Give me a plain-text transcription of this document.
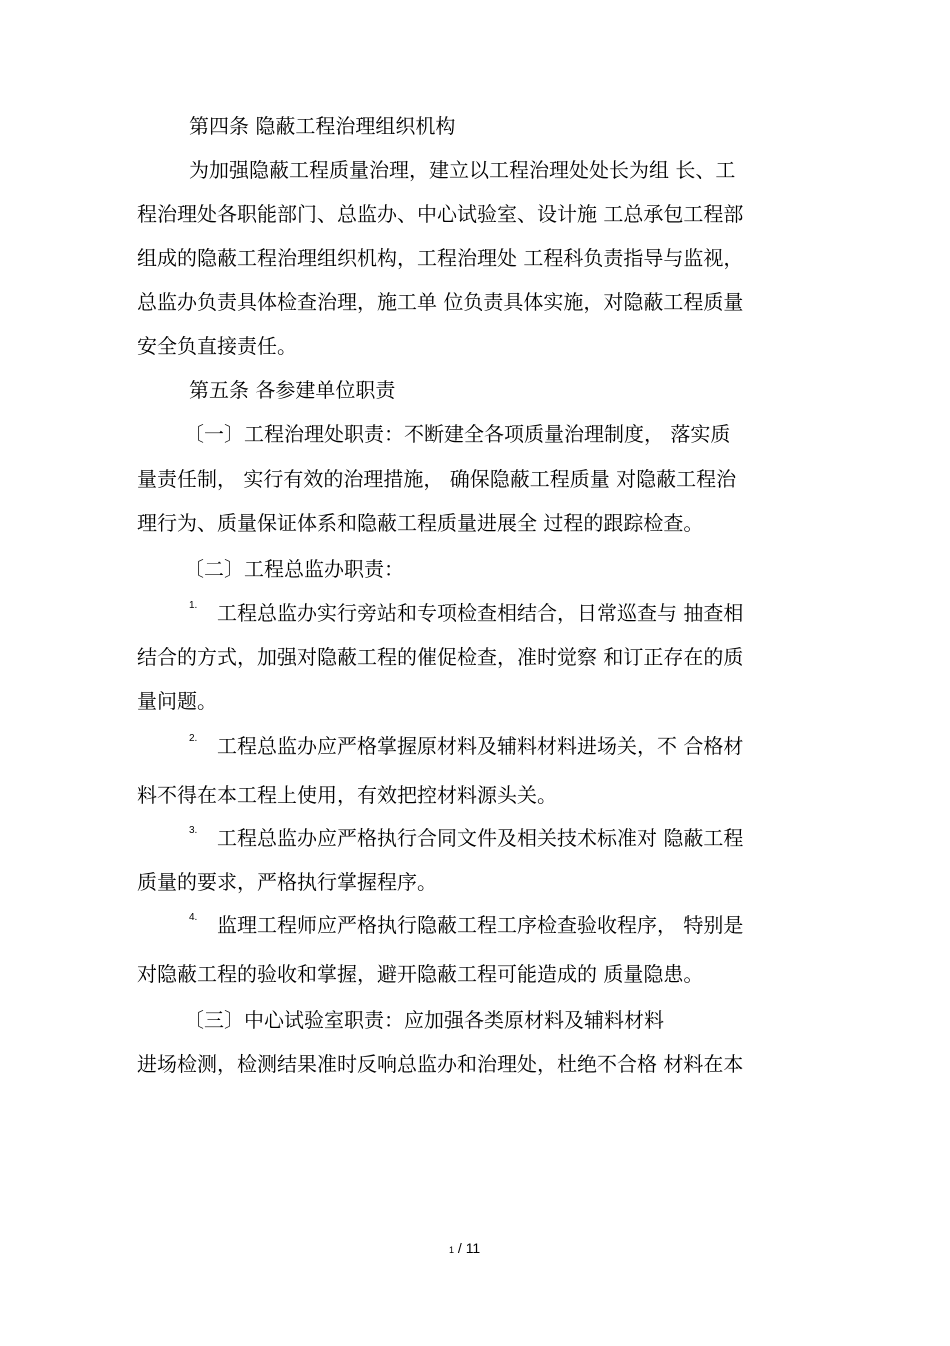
第四条 隐蔽工程治理组织机构

为加强隐蔽工程质量治理，建立以工程治理处处长为组 长、工

程治理处各职能部门、总监办、中心试验室、设计施 工总承包工程部

组成的隐蔽工程治理组织机构，工程治理处 工程科负责指导与监视，

总监办负责具体检查治理，施工单 位负责具体实施，对隐蔽工程质量

安全负直接责任。

第五条 各参建单位职责

〔一〕工程治理处职责：不断建全各项质量治理制度， 落实质

量责任制， 实行有效的治理措施， 确保隐蔽工程质量 对隐蔽工程治

理行为、质量保证体系和隐蔽工程质量进展全 过程的跟踪检查。

〔二〕工程总监办职责：

1. 工程总监办实行旁站和专项检查相结合，日常巡查与 抽查相

结合的方式，加强对隐蔽工程的催促检查，准时觉察 和订正存在的质

量问题。

2. 工程总监办应严格掌握原材料及辅料材料进场关，不 合格材

料不得在本工程上使用，有效把控材料源头关。

3. 工程总监办应严格执行合同文件及相关技术标准对 隐蔽工程

质量的要求，严格执行掌握程序。

4. 监理工程师应严格执行隐蔽工程工序检查验收程序， 特别是

对隐蔽工程的验收和掌握，避开隐蔽工程可能造成的 质量隐患。

〔三〕中心试验室职责：应加强各类原材料及辅料材料

进场检测，检测结果准时反响总监办和治理处，杜绝不合格 材料在本

1 / 11
